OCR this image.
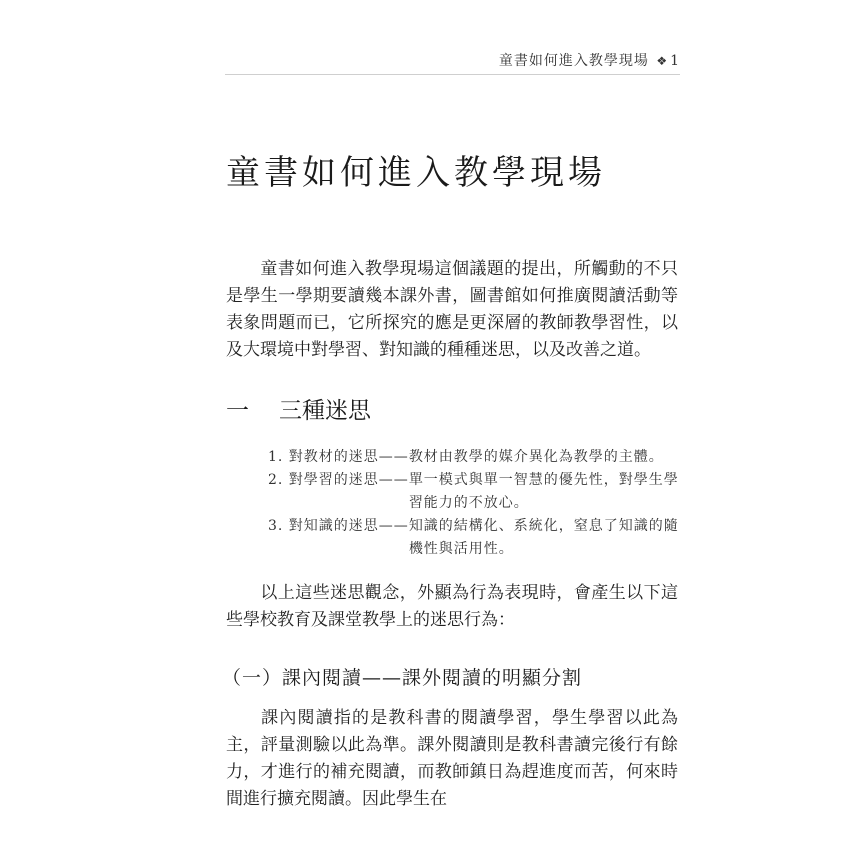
童書如何進入教學現場 ❖ 1
童書如何進入教學現場

童書如何進入教學現場這個議題的提出，所觸動的不只是學生一學期要讀幾本課外書，圖書館如何推廣閱讀活動等表象問題而已，它所探究的應是更深層的教師教學習性，以及大環境中對學習、對知識的種種迷思，以及改善之道。

一 三種迷思
1. 對教材的迷思—— 教材由教學的媒介異化為教學的主體。
2. 對學習的迷思—— 單一模式與單一智慧的優先性，對學生學習能力的不放心。
3. 對知識的迷思—— 知識的結構化、系統化，窒息了知識的隨機性與活用性。

以上這些迷思觀念，外顯為行為表現時，會產生以下這些學校教育及課堂教學上的迷思行為：

（一）課內閱讀——課外閱讀的明顯分割

課內閱讀指的是教科書的閱讀學習，學生學習以此為主，評量測驗以此為準。課外閱讀則是教科書讀完後行有餘力，才進行的補充閱讀，而教師鎮日為趕進度而苦，何來時間進行擴充閱讀。因此學生在
